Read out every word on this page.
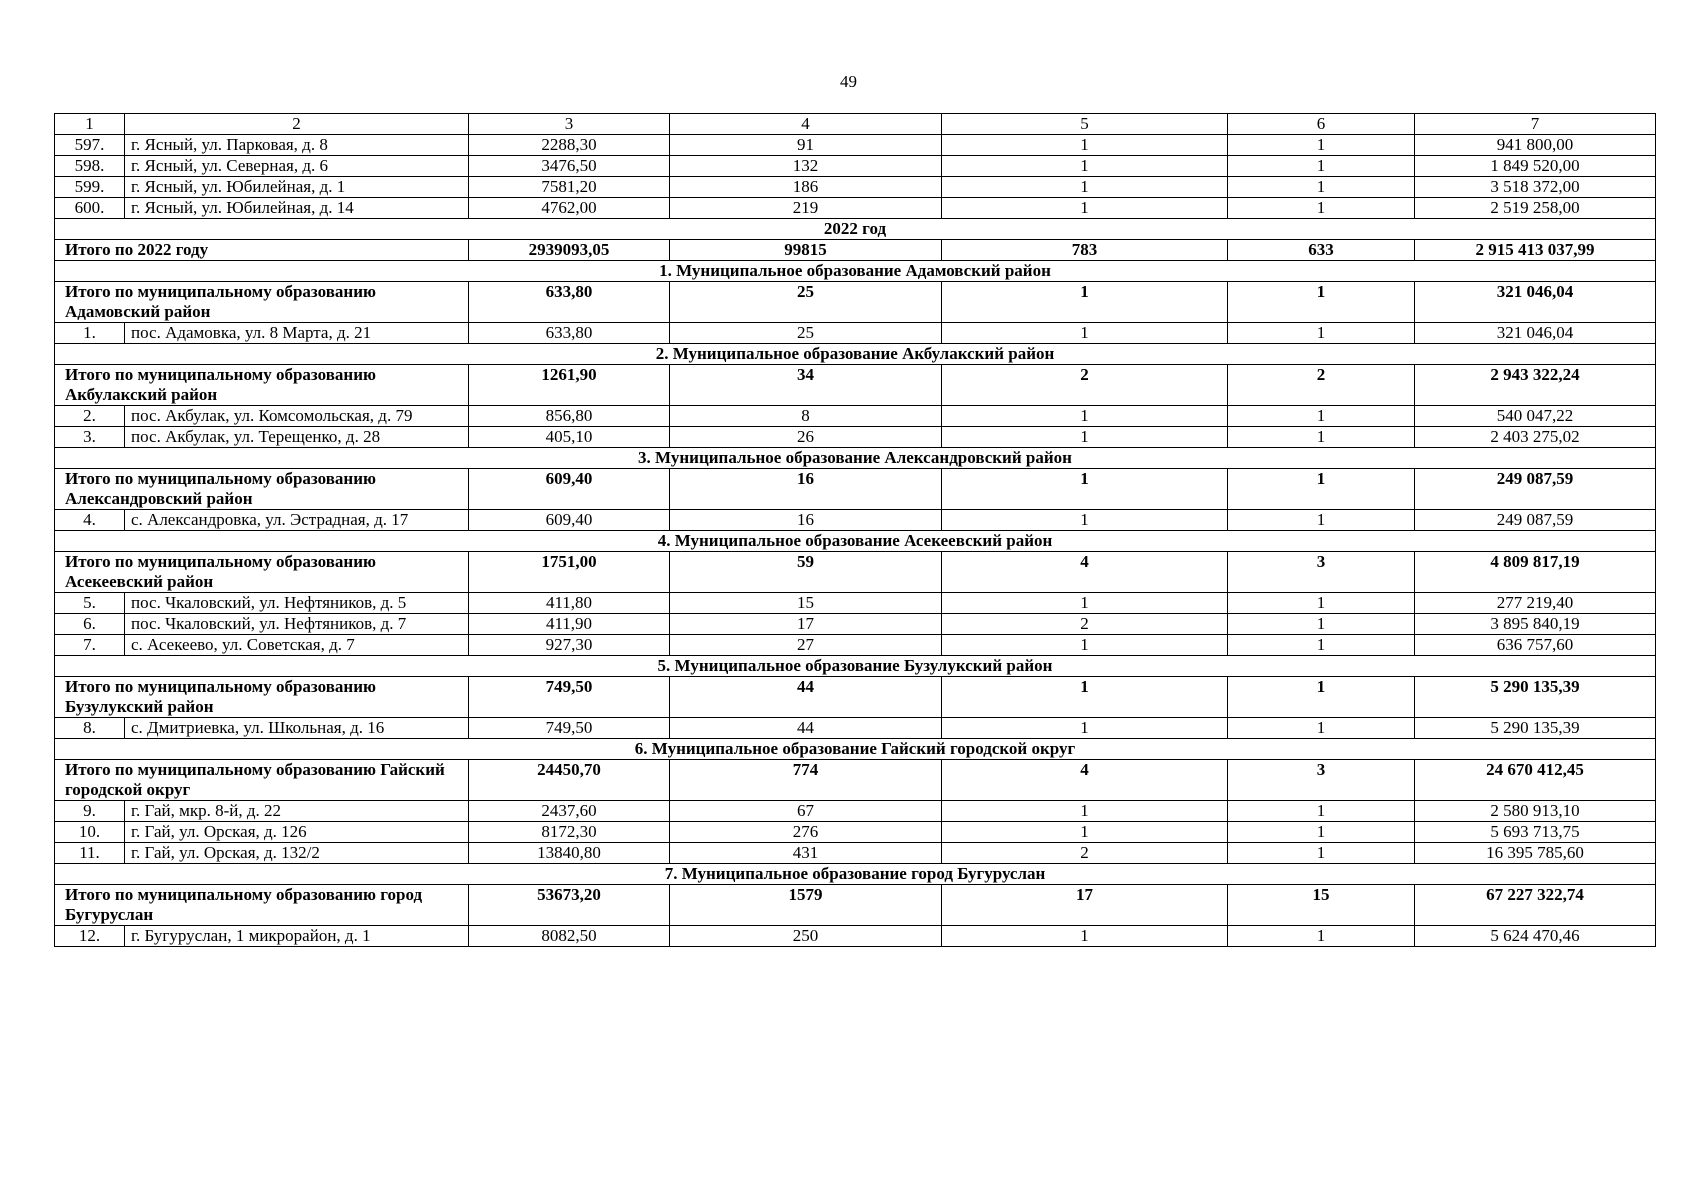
49
1	2	3	4	5	6	7
597.	г. Ясный, ул. Парковая, д. 8	2288,30	91	1	1	941 800,00
598.	г. Ясный, ул. Северная, д. 6	3476,50	132	1	1	1 849 520,00
599.	г. Ясный, ул. Юбилейная, д. 1	7581,20	186	1	1	3 518 372,00
600.	г. Ясный, ул. Юбилейная, д. 14	4762,00	219	1	1	2 519 258,00
2022 год						
Итого по 2022 году		2939093,05	99815	783	633	2 915 413 037,99
1. Муниципальное образование Адамовский район						
Итого по муниципальному образованию Адамовский район		633,80	25	1	1	321 046,04
1.	пос. Адамовка, ул. 8 Марта, д. 21	633,80	25	1	1	321 046,04
2. Муниципальное образование Акбулакский район						
Итого по муниципальному образованию Акбулакский район		1261,90	34	2	2	2 943 322,24
2.	пос. Акбулак, ул. Комсомольская, д. 79	856,80	8	1	1	540 047,22
3.	пос. Акбулак, ул. Терещенко, д. 28	405,10	26	1	1	2 403 275,02
3. Муниципальное образование Александровский район						
Итого по муниципальному образованию Александровский район		609,40	16	1	1	249 087,59
4.	с. Александровка, ул. Эстрадная, д. 17	609,40	16	1	1	249 087,59
4. Муниципальное образование Асекеевский район						
Итого по муниципальному образованию Асекеевский район		1751,00	59	4	3	4 809 817,19
5.	пос. Чкаловский, ул. Нефтяников, д. 5	411,80	15	1	1	277 219,40
6.	пос. Чкаловский, ул. Нефтяников, д. 7	411,90	17	2	1	3 895 840,19
7.	с. Асекеево, ул. Советская, д. 7	927,30	27	1	1	636 757,60
5. Муниципальное образование Бузулукский район						
Итого по муниципальному образованию Бузулукский район		749,50	44	1	1	5 290 135,39
8.	с. Дмитриевка, ул. Школьная, д. 16	749,50	44	1	1	5 290 135,39
6. Муниципальное образование Гайский городской округ						
Итого по муниципальному образованию Гайский городской округ		24450,70	774	4	3	24 670 412,45
9.	г. Гай, мкр. 8-й, д. 22	2437,60	67	1	1	2 580 913,10
10.	г. Гай, ул. Орская, д. 126	8172,30	276	1	1	5 693 713,75
11.	г. Гай, ул. Орская, д. 132/2	13840,80	431	2	1	16 395 785,60
7. Муниципальное образование город Бугуруслан						
Итого по муниципальному образованию город Бугуруслан		53673,20	1579	17	15	67 227 322,74
12.	г. Бугуруслан, 1 микрорайон, д. 1	8082,50	250	1	1	5 624 470,46
